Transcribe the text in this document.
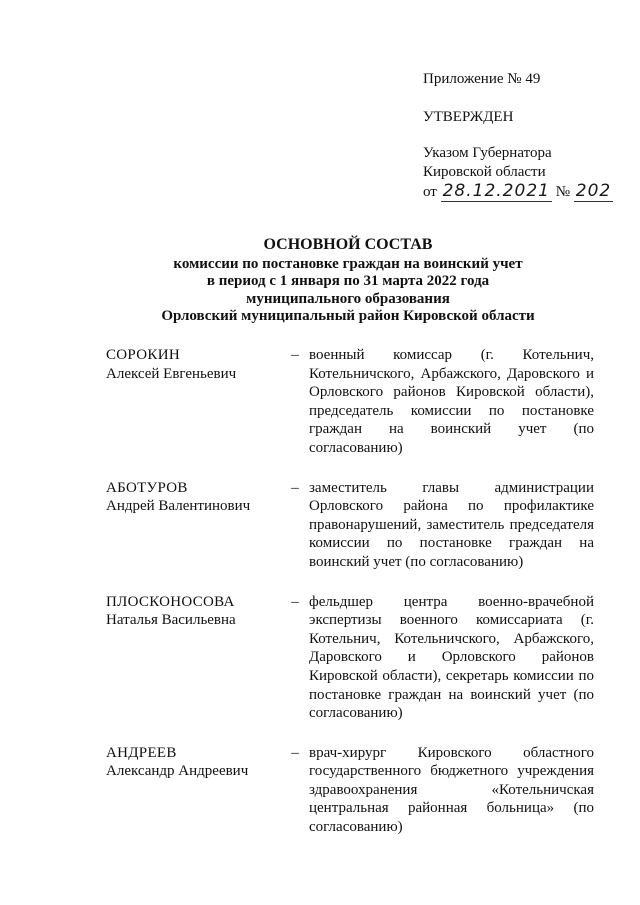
Приложение № 49
УТВЕРЖДЕН
Указом Губернатора
Кировской области
от 28.12.2021 № 202
ОСНОВНОЙ СОСТАВ
комиссии по постановке граждан на воинский учет
в период с 1 января по 31 марта 2022 года
муниципального образования
Орловский муниципальный район Кировской области
СОРОКИН
Алексей Евгеньевич
– военный комиссар (г. Котельнич, Котельничского, Арбажского, Даровского и Орловского районов Кировской области), председатель комиссии по постановке граждан на воинский учет (по согласованию)
АБОТУРОВ
Андрей Валентинович
– заместитель главы администрации Орловского района по профилактике правонарушений, заместитель председателя комиссии по постановке граждан на воинский учет (по согласованию)
ПЛОСКОНОСОВА
Наталья Васильевна
– фельдшер центра военно-врачебной экспертизы военного комиссариата (г. Котельнич, Котельничского, Арбажского, Даровского и Орловского районов Кировской области), секретарь комиссии по постановке граждан на воинский учет (по согласованию)
АНДРЕЕВ
Александр Андреевич
– врач-хирург Кировского областного государственного бюджетного учреждения здравоохранения «Котельничская центральная районная больница» (по согласованию)
